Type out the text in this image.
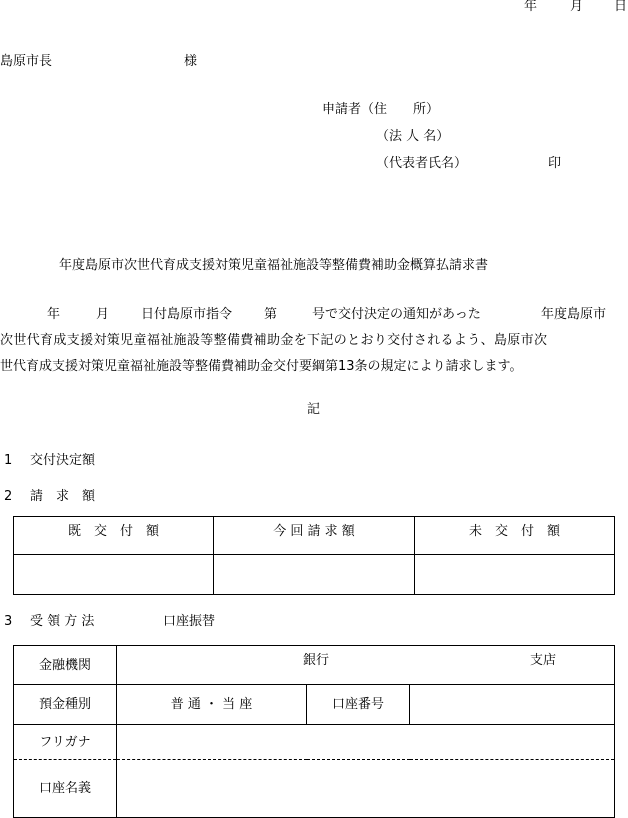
年	月 日
島原市長	様
申請者（住　　所）
（法 人 名）
（代表者氏名）	印
年度島原市次世代育成支援対策児童福祉施設等整備費補助金概算払請求書
年	月 日付島原市指令 第	号で交付決定の通知があった	年度島原市
次世代育成支援対策児童福祉施設等整備費補助金を下記のとおり交付されるよう、島原市次
世代育成支援対策児童福祉施設等整備費補助金交付要綱第13条の規定により請求します。
記
1 交付決定額
2 請　求　額
既　交　付　額	今 回 請 求 額	未　交　付　額

3 受 領 方 法	口座振替
金融機関	銀行 支店		

預金種別	普 通 ・ 当 座	口座番号	
フリガナ			
口座名義			
